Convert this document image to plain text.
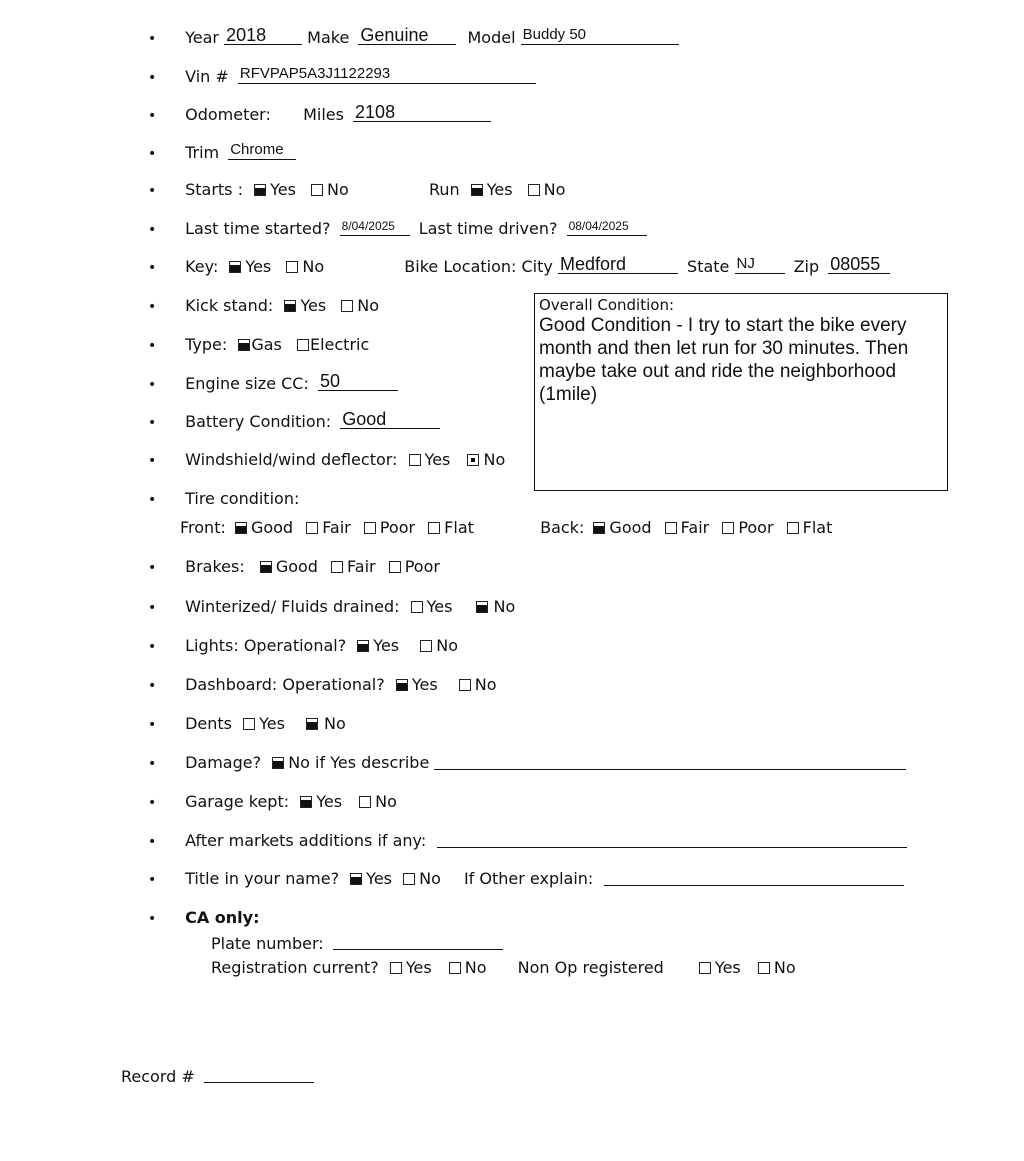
• Year 2018	Make Genuine Model Buddy 50
• Vin # RFVPAP5A3J1122293
• Odometer: Miles 2108
• Trim Chrome
• Starts : Yes No	Run Yes No
• Last time started? 8/04/2025 Last time driven? 08/04/2025
• Key: Yes No	Bike Location: City Medford	State NJ Zip 08055
• Kick stand: Yes No
• Type: Gas Electric
• Engine size CC: 50
• Battery Condition: Good
• Windshield/wind deflector: Yes No
Overall Condition:
Good Condition - I try to start the bike every month and then let run for 30 minutes. Then maybe take out and ride the neighborhood (1mile)
• Tire condition:
Front: Good Fair Poor Flat	Back: Good Fair Poor Flat
• Brakes: Good Fair Poor
• Winterized/ Fluids drained: Yes	No
• Lights: Operational? Yes No
• Dashboard: Operational? Yes No
• Dents Yes No
• Damage? No if Yes describe
• Garage kept: Yes No
• After markets additions if any:
• Title in your name? Yes No If Other explain:
• CA only:
Plate number:
Registration current? Yes No Non Op registered	Yes No
Record #
